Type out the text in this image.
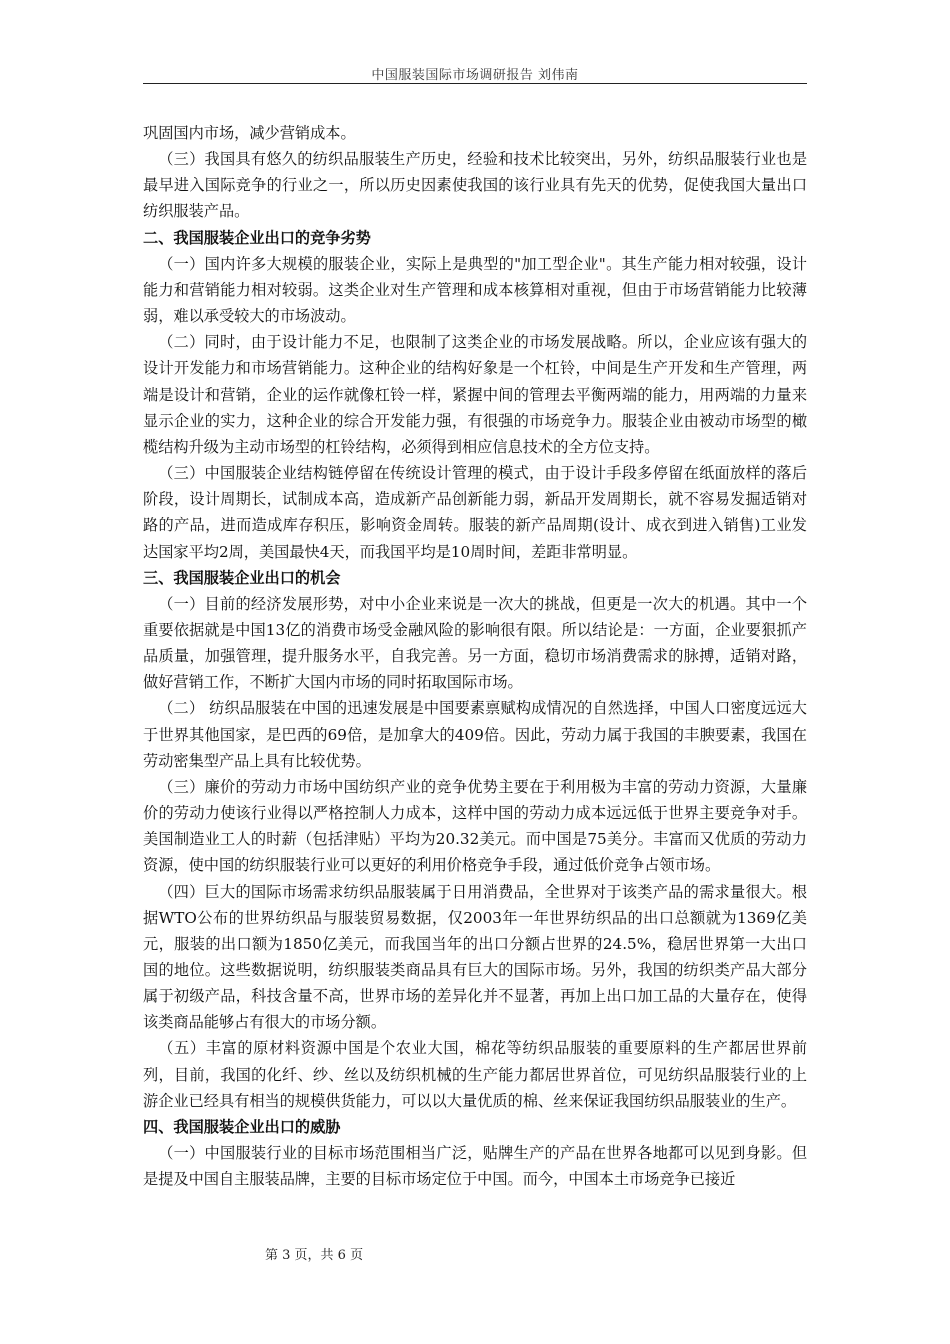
中国服装国际市场调研报告 刘伟南

巩固国内市场，减少营销成本。

（三）我国具有悠久的纺织品服装生产历史，经验和技术比较突出，另外，纺织品服装行业也是最早进入国际竞争的行业之一，所以历史因素使我国的该行业具有先天的优势，促使我国大量出口纺织服装产品。

二、我国服装企业出口的竞争劣势

（一）国内许多大规模的服装企业，实际上是典型的"加工型企业"。其生产能力相对较强，设计能力和营销能力相对较弱。这类企业对生产管理和成本核算相对重视，但由于市场营销能力比较薄弱，难以承受较大的市场波动。

（二）同时，由于设计能力不足，也限制了这类企业的市场发展战略。所以，企业应该有强大的设计开发能力和市场营销能力。这种企业的结构好象是一个杠铃，中间是生产开发和生产管理，两端是设计和营销，企业的运作就像杠铃一样，紧握中间的管理去平衡两端的能力，用两端的力量来显示企业的实力，这种企业的综合开发能力强，有很强的市场竞争力。服装企业由被动市场型的橄榄结构升级为主动市场型的杠铃结构，必须得到相应信息技术的全方位支持。

（三）中国服装企业结构链停留在传统设计管理的模式，由于设计手段多停留在纸面放样的落后阶段，设计周期长，试制成本高，造成新产品创新能力弱，新品开发周期长，就不容易发掘适销对路的产品，进而造成库存积压，影响资金周转。服装的新产品周期(设计、成衣到进入销售)工业发达国家平均2周，美国最快4天，而我国平均是10周时间，差距非常明显。

三、我国服装企业出口的机会

（一）目前的经济发展形势，对中小企业来说是一次大的挑战，但更是一次大的机遇。其中一个重要依据就是中国13亿的消费市场受金融风险的影响很有限。所以结论是：一方面，企业要狠抓产品质量，加强管理，提升服务水平，自我完善。另一方面，稳切市场消费需求的脉搏，适销对路，做好营销工作，不断扩大国内市场的同时拓取国际市场。

（二） 纺织品服装在中国的迅速发展是中国要素禀赋构成情况的自然选择，中国人口密度远远大于世界其他国家，是巴西的69倍，是加拿大的409倍。因此，劳动力属于我国的丰腴要素，我国在劳动密集型产品上具有比较优势。

（三）廉价的劳动力市场中国纺织产业的竞争优势主要在于利用极为丰富的劳动力资源，大量廉价的劳动力使该行业得以严格控制人力成本，这样中国的劳动力成本远远低于世界主要竞争对手。美国制造业工人的时薪（包括津贴）平均为20.32美元。而中国是75美分。丰富而又优质的劳动力资源，使中国的纺织服装行业可以更好的利用价格竞争手段，通过低价竞争占领市场。

（四）巨大的国际市场需求纺织品服装属于日用消费品，全世界对于该类产品的需求量很大。根据WTO公布的世界纺织品与服装贸易数据，仅2003年一年世界纺织品的出口总额就为1369亿美元，服装的出口额为1850亿美元，而我国当年的出口分额占世界的24.5%，稳居世界第一大出口国的地位。这些数据说明，纺织服装类商品具有巨大的国际市场。另外，我国的纺织类产品大部分属于初级产品，科技含量不高，世界市场的差异化并不显著，再加上出口加工品的大量存在，使得该类商品能够占有很大的市场分额。

（五）丰富的原材料资源中国是个农业大国，棉花等纺织品服装的重要原料的生产都居世界前列，目前，我国的化纤、纱、丝以及纺织机械的生产能力都居世界首位，可见纺织品服装行业的上游企业已经具有相当的规模供货能力，可以以大量优质的棉、丝来保证我国纺织品服装业的生产。

四、我国服装企业出口的威胁

（一）中国服装行业的目标市场范围相当广泛，贴牌生产的产品在世界各地都可以见到身影。但是提及中国自主服装品牌，主要的目标市场定位于中国。而今，中国本土市场竞争已接近

第 3 页，共 6 页
